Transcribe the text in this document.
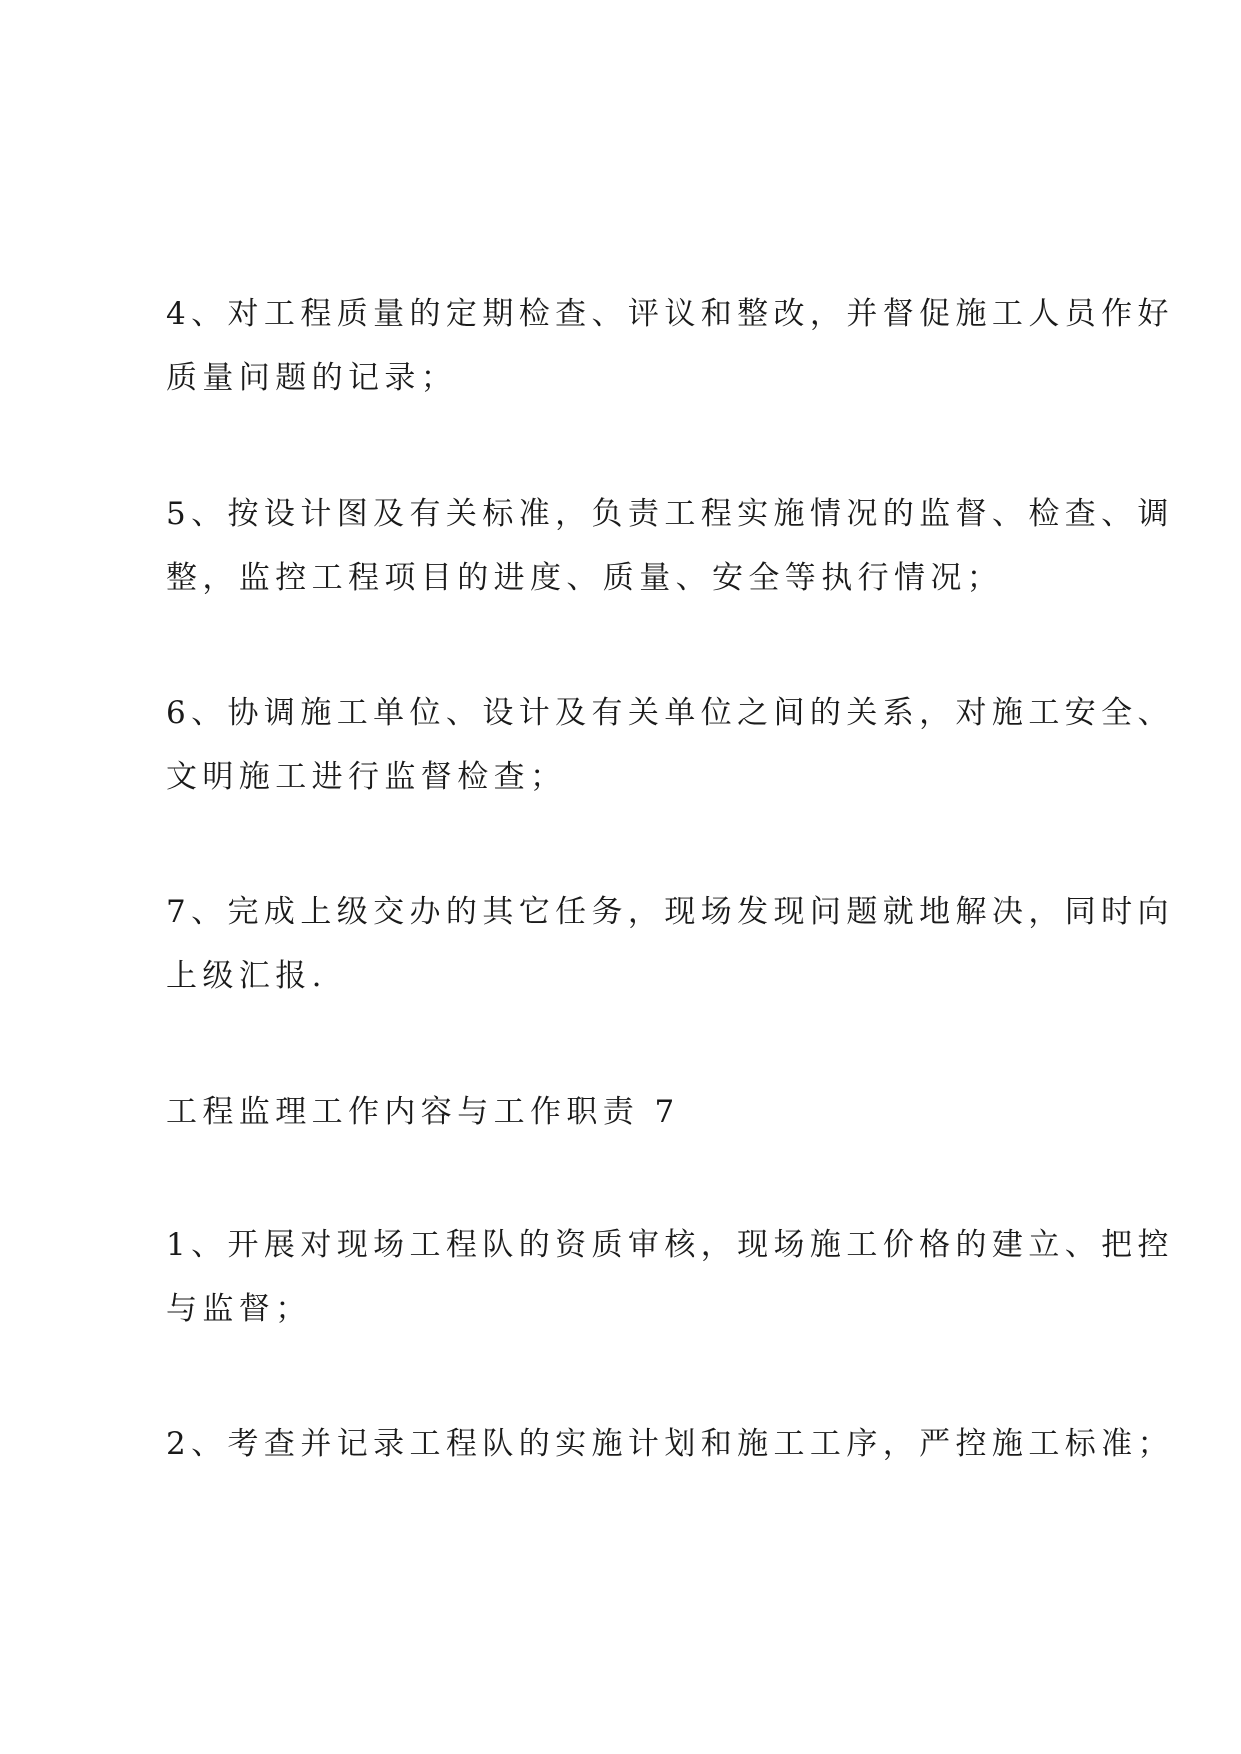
4、对工程质量的定期检查、评议和整改，并督促施工人员作好
质量问题的记录；

5、按设计图及有关标准，负责工程实施情况的监督、检查、调
整，监控工程项目的进度、质量、安全等执行情况；

6、协调施工单位、设计及有关单位之间的关系，对施工安全、
文明施工进行监督检查；

7、完成上级交办的其它任务，现场发现问题就地解决，同时向
上级汇报.

工程监理工作内容与工作职责 7

1、开展对现场工程队的资质审核，现场施工价格的建立、把控
与监督；

2、考查并记录工程队的实施计划和施工工序，严控施工标准；
